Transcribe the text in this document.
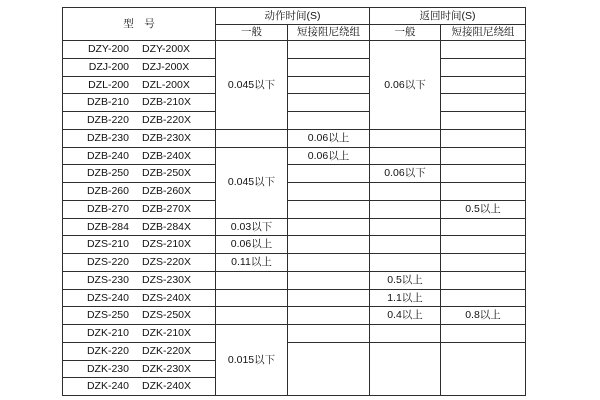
型　号	动作时间(S)		返回时间(S)	
	一般	短接阻尼绕组	一般	短接阻尼绕组

DZY-200 DZY-200X	0.045以下		0.06以下	

DZJ-200 DZJ-200X				

DZL-200 DZL-200X				

DZB-210 DZB-210X				

DZB-220 DZB-220X				

DZB-230 DZB-230X		0.06以上		

DZB-240 DZB-240X	0.045以下	0.06以上		

DZB-250 DZB-250X			0.06以下	

DZB-260 DZB-260X				

DZB-270 DZB-270X				0.5以上

DZB-284 DZB-284X	0.03以下			

DZS-210 DZS-210X	0.06以上			

DZS-220 DZS-220X	0.11以上			

DZS-230 DZS-230X			0.5以上	

DZS-240 DZS-240X			1.1以上	

DZS-250 DZS-250X			0.4以上	0.8以上

DZK-210 DZK-210X	0.015以下			

DZK-220 DZK-220X				

DZK-230 DZK-230X				

DZK-240 DZK-240X				
